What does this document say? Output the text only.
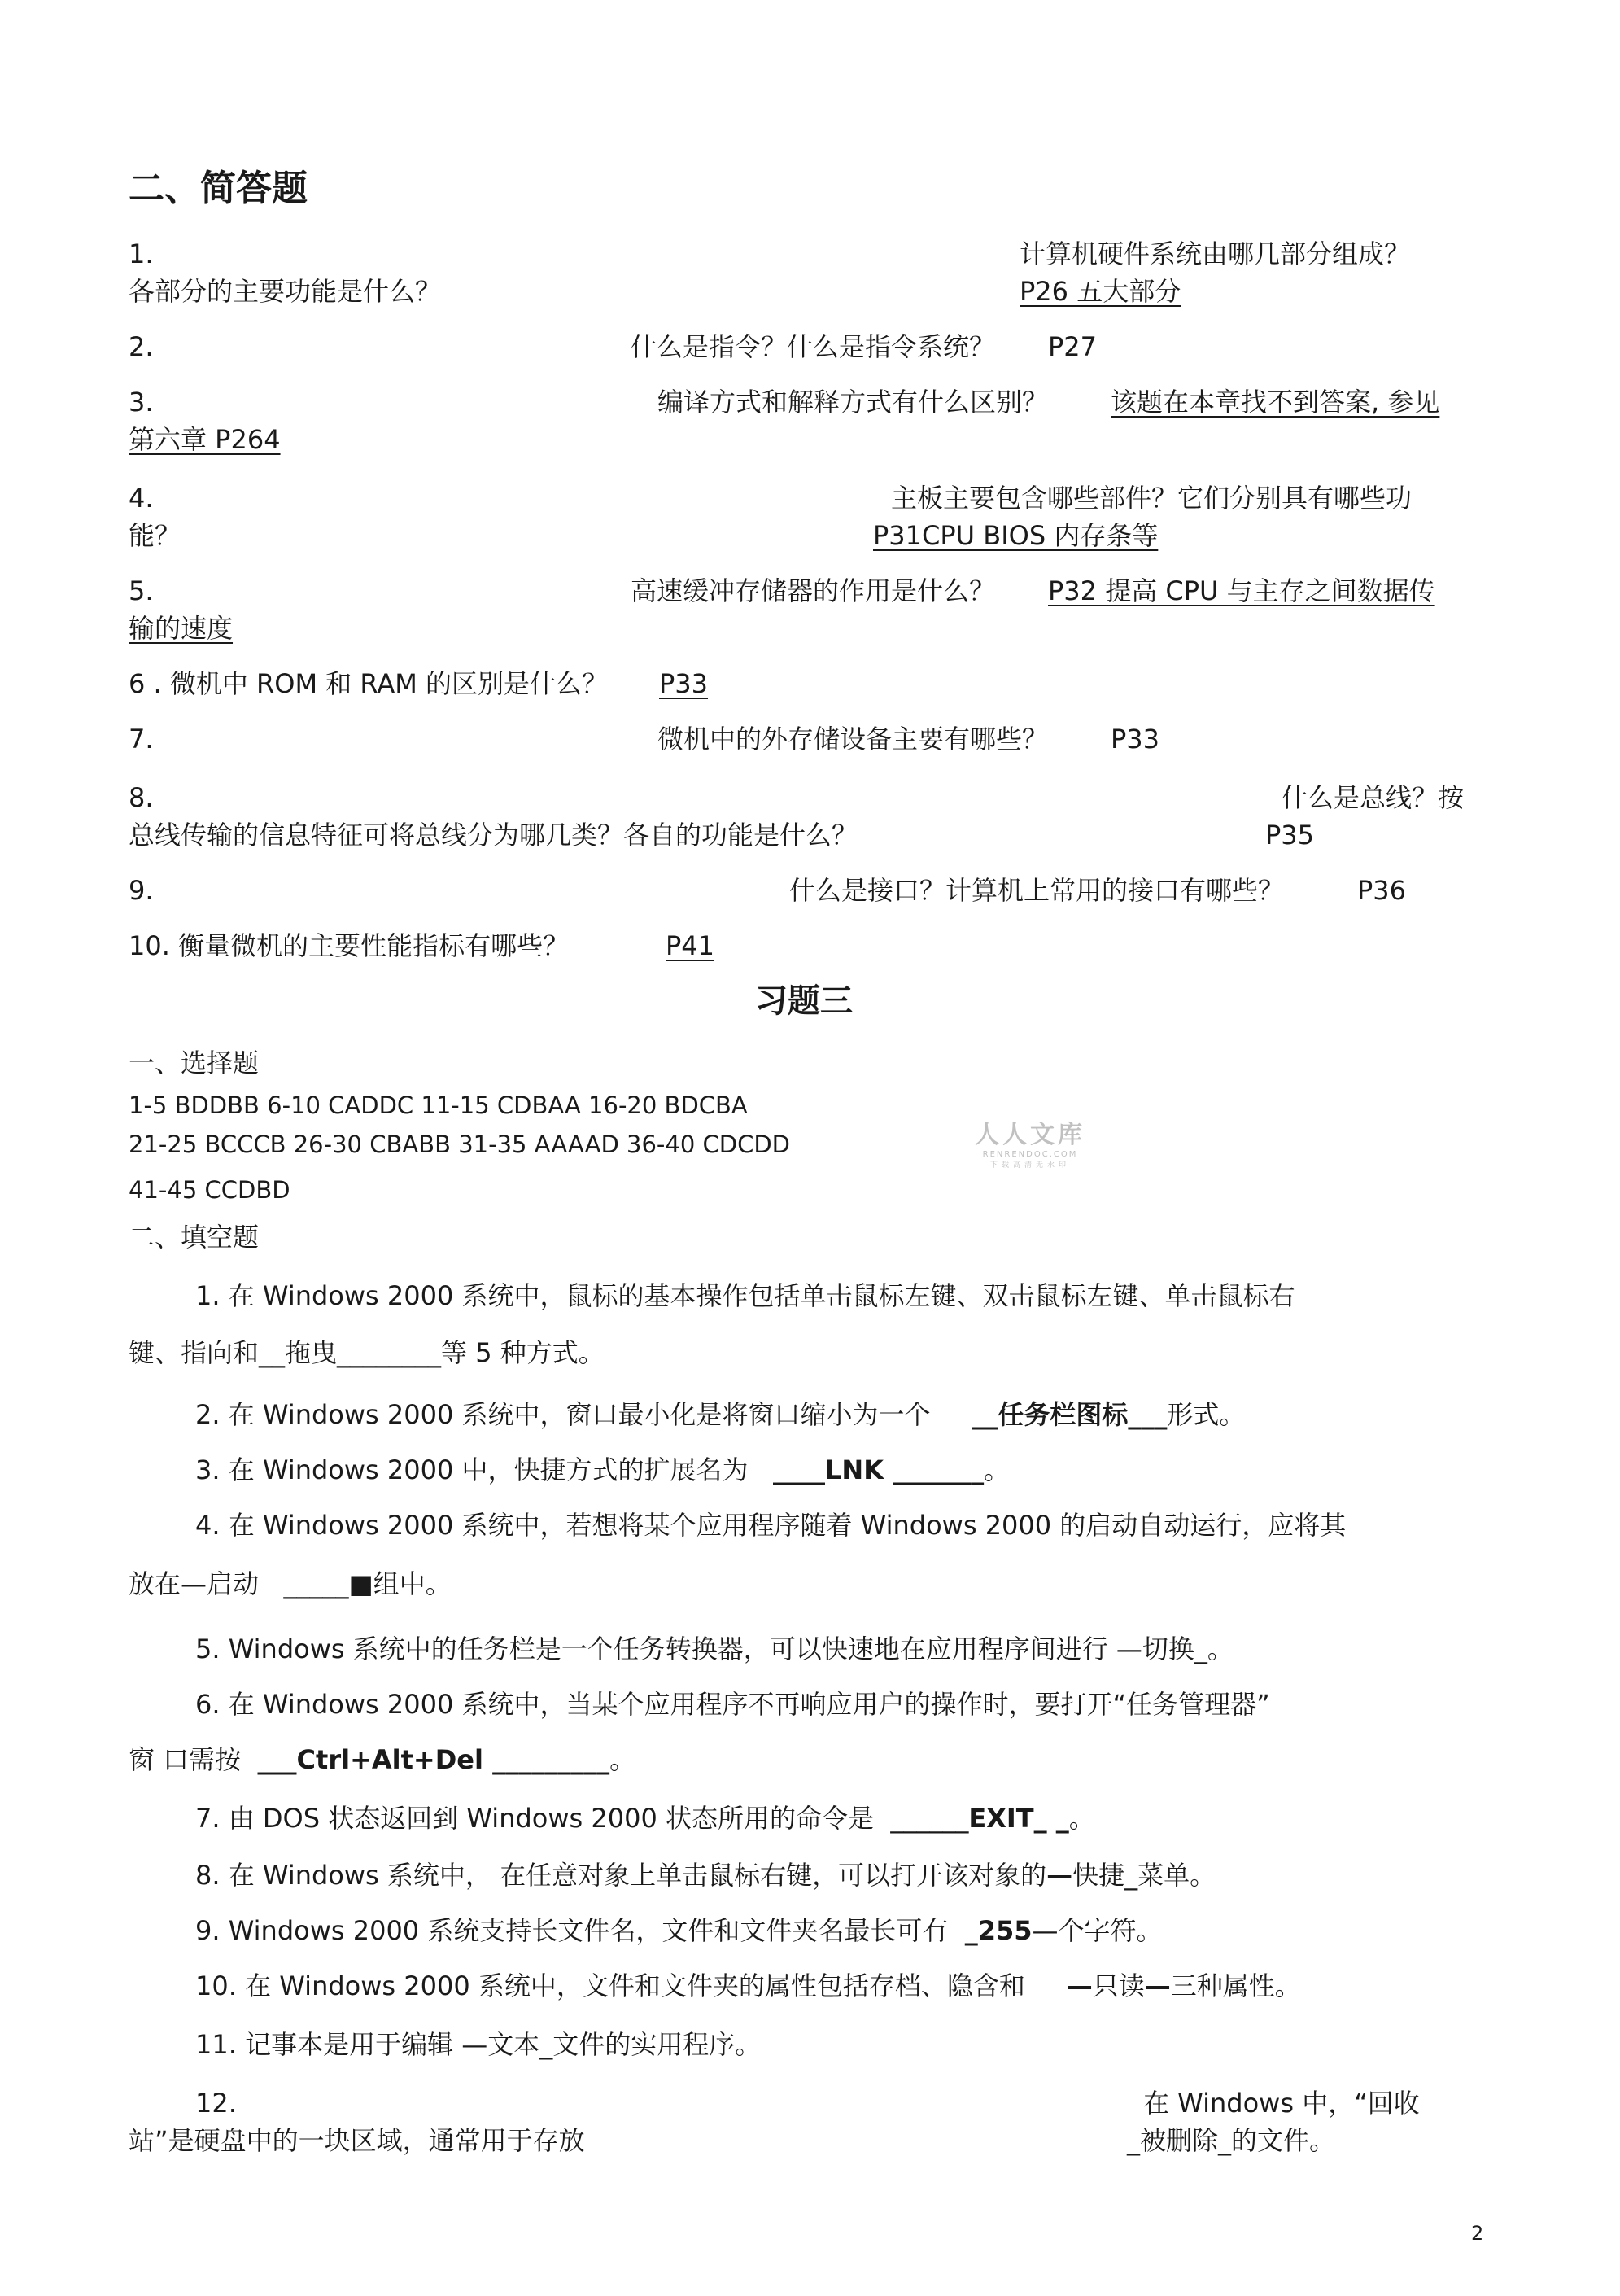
二、简答题
1.	计算机硬件系统由哪几部分组成？
各部分的主要功能是什么？	P26 五大部分
2.	什么是指令？什么是指令系统？ P27
3.	编译方式和解释方式有什么区别？ 该题在本章找不到答案, 参见
第六章 P264
4.	主板主要包含哪些部件？它们分别具有哪些功
能？	P31CPU BIOS 内存条等
5.	高速缓冲存储器的作用是什么？ P32 提高 CPU 与主存之间数据传
输的速度
6 . 微机中 ROM 和 RAM 的区别是什么？ P33
7.	微机中的外存储设备主要有哪些？ P33
8.	什么是总线？按
总线传输的信息特征可将总线分为哪几类？各自的功能是什么？	P35
9.	什么是接口？计算机上常用的接口有哪些？	P36
10. 衡量微机的主要性能指标有哪些？	P41
习题三
一、选择题
1-5 BDDBB 6-10 CADDC 11-15 CDBAA 16-20 BDCBA
21-25 BCCCB 26-30 CBABB 31-35 AAAAD 36-40 CDCDD
41-45 CCDBD
人人文库
RENRENDOC.COM
下载高清无水印
二、填空题
1. 在 Windows 2000 系统中，鼠标的基本操作包括单击鼠标左键、双击鼠标左键、单击鼠标右
键、指向和__拖曳________等 5 种方式。
2. 在 Windows 2000 系统中，窗口最小化是将窗口缩小为一个 __任务栏图标___形式。
3. 在 Windows 2000 中，快捷方式的扩展名为 ____LNK _______。
4. 在 Windows 2000 系统中，若想将某个应用程序随着 Windows 2000 的启动自动运行，应将其
放在—启动 _____■组中。
5. Windows 系统中的任务栏是一个任务转换器，可以快速地在应用程序间进行 —切换_。
6. 在 Windows 2000 系统中，当某个应用程序不再响应用户的操作时，要打开“任务管理器”
窗 口需按 ___Ctrl+Alt+Del _________。
7. 由 DOS 状态返回到 Windows 2000 状态所用的命令是 ______EXIT_ _。
8. 在 Windows 系统中， 在任意对象上单击鼠标右键，可以打开该对象的—快捷_菜单。
9. Windows 2000 系统支持长文件名，文件和文件夹名最长可有 _255—个字符。
10. 在 Windows 2000 系统中，文件和文件夹的属性包括存档、隐含和 —只读—三种属性。
11. 记事本是用于编辑 —文本_文件的实用程序。
12.	在 Windows 中，“回收
站”是硬盘中的一块区域，通常用于存放	_被删除_的文件。
2
